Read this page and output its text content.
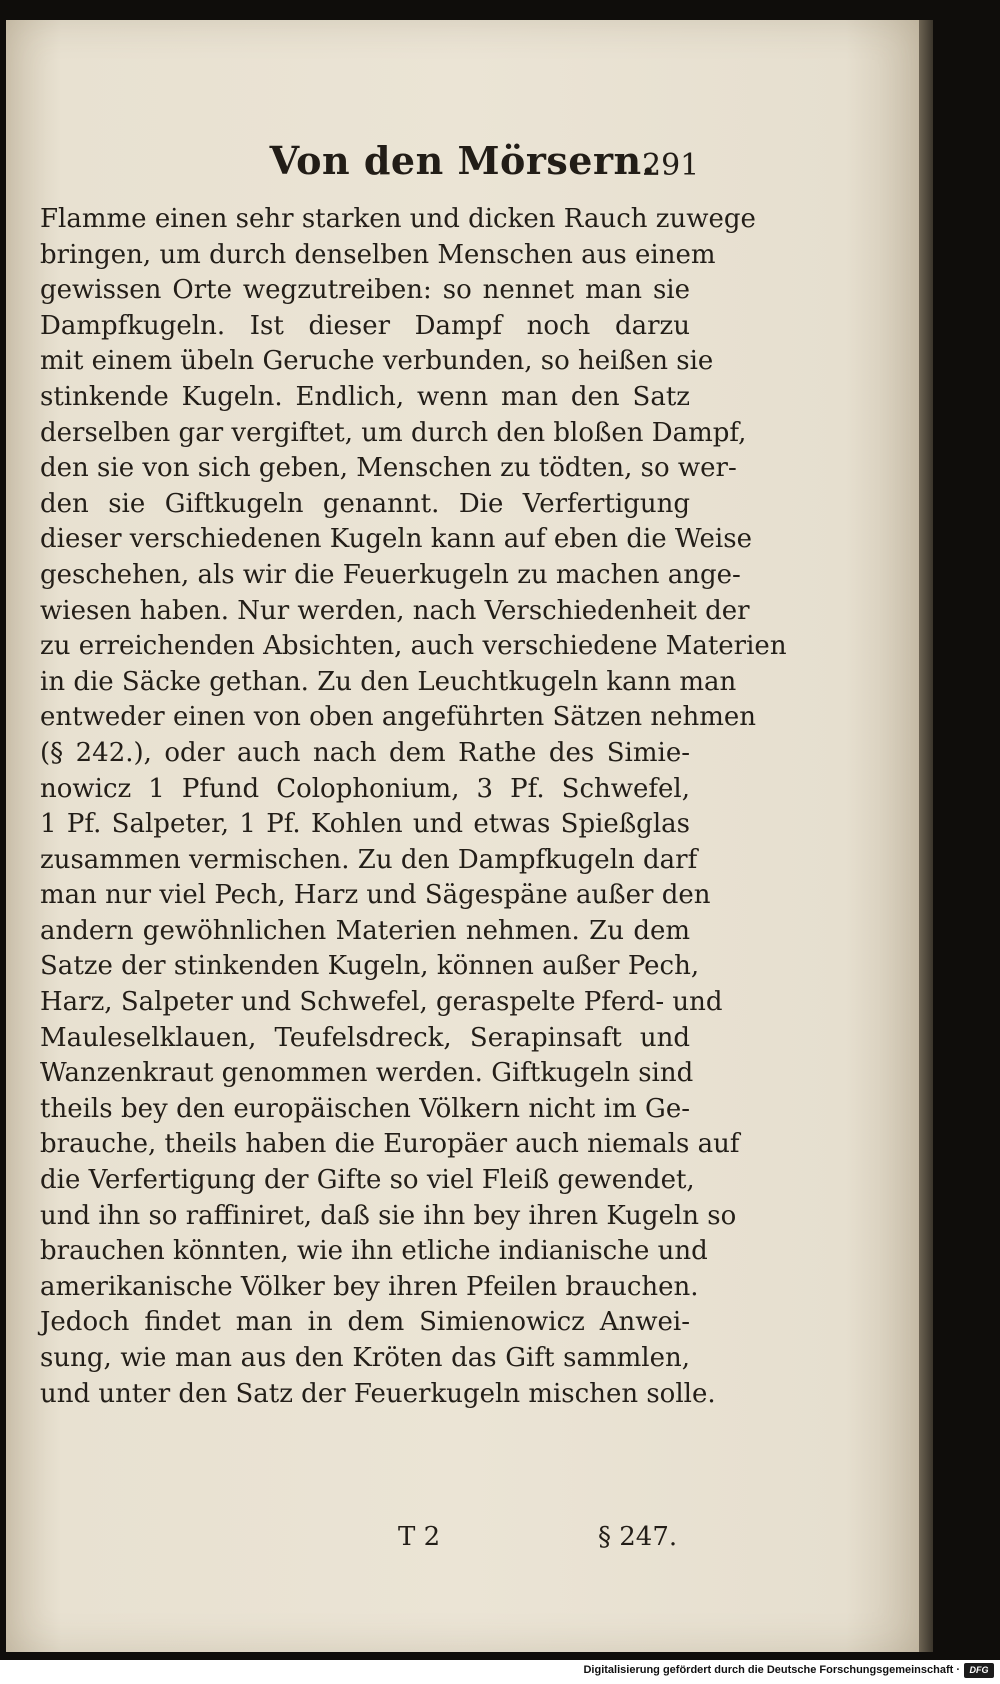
Von den Mörsern.
291
Flamme einen sehr starken und dicken Rauch zuwege
bringen, um durch denselben Menschen aus einem
gewissen Orte wegzutreiben: so nennet man sie
Dampfkugeln. Ist dieser Dampf noch darzu
mit einem übeln Geruche verbunden, so heißen sie
stinkende Kugeln. Endlich, wenn man den Satz
derselben gar vergiftet, um durch den bloßen Dampf,
den sie von sich geben, Menschen zu tödten, so wer-
den sie Giftkugeln genannt. Die Verfertigung
dieser verschiedenen Kugeln kann auf eben die Weise
geschehen, als wir die Feuerkugeln zu machen ange-
wiesen haben. Nur werden, nach Verschiedenheit der
zu erreichenden Absichten, auch verschiedene Materien
in die Säcke gethan. Zu den Leuchtkugeln kann man
entweder einen von oben angeführten Sätzen nehmen
(§ 242.), oder auch nach dem Rathe des Simie-
nowicz 1 Pfund Colophonium, 3 Pf. Schwefel,
1 Pf. Salpeter, 1 Pf. Kohlen und etwas Spießglas
zusammen vermischen. Zu den Dampfkugeln darf
man nur viel Pech, Harz und Sägespäne außer den
andern gewöhnlichen Materien nehmen. Zu dem
Satze der stinkenden Kugeln, können außer Pech,
Harz, Salpeter und Schwefel, geraspelte Pferd- und
Mauleselklauen, Teufelsdreck, Serapinsaft und
Wanzenkraut genommen werden. Giftkugeln sind
theils bey den europäischen Völkern nicht im Ge-
brauche, theils haben die Europäer auch niemals auf
die Verfertigung der Gifte so viel Fleiß gewendet,
und ihn so raffiniret, daß sie ihn bey ihren Kugeln so
brauchen könnten, wie ihn etliche indianische und
amerikanische Völker bey ihren Pfeilen brauchen.
Jedoch findet man in dem Simienowicz Anwei-
sung, wie man aus den Kröten das Gift sammlen,
und unter den Satz der Feuerkugeln mischen solle.
T 2	§ 247.
Digitalisierung gefördert durch die Deutsche Forschungsgemeinschaft ·	DFG
